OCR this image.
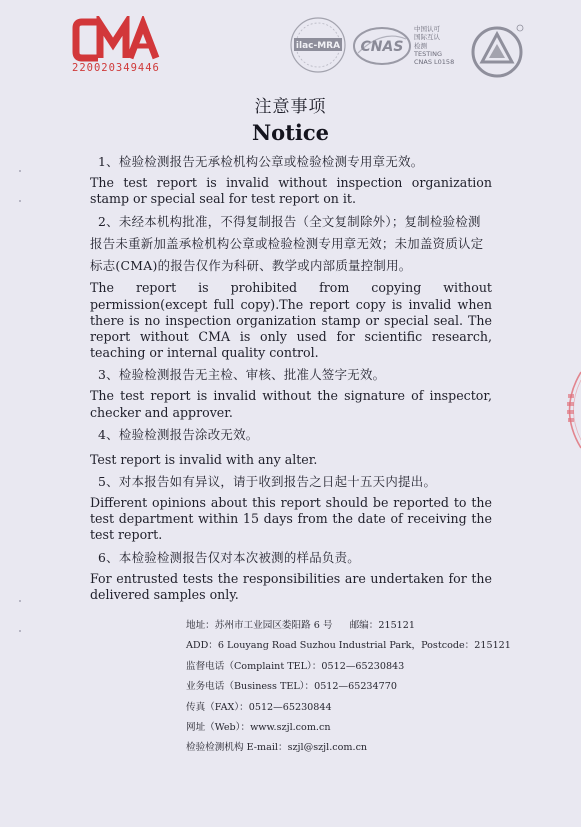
220020349446
ilac-MRA CNAS
中国认可
国际互认
检测
TESTING
CNAS L0158
SZJL
注意事项
Notice

1、检验检测报告无承检机构公章或检验检测专用章无效。

The test report is invalid without inspection organization stamp or special seal for test report on it.

2、未经本机构批准，不得复制报告（全文复制除外）；复制检验检测报告未重新加盖承检机构公章或检验检测专用章无效；未加盖资质认定标志(CMA)的报告仅作为科研、教学或内部质量控制用。

The report is prohibited from copying without permission(except full copy).The report copy is invalid when there is no inspection organization stamp or special seal. The report without CMA is only used for scientific research, teaching or internal quality control.

3、检验检测报告无主检、审核、批准人签字无效。

The test report is invalid without the signature of inspector, checker and approver.

4、检验检测报告涂改无效。

Test report is invalid with any alter.

5、对本报告如有异议，请于收到报告之日起十五天内提出。

Different opinions about this report should be reported to the test department within 15 days from the date of receiving the test report.

6、本检验检测报告仅对本次被测的样品负责。

For entrusted tests the responsibilities are undertaken for the delivered samples only.

地址：苏州市工业园区娄阳路 6 号 邮编：215121
ADD：6 Louyang Road Suzhou Industrial Park，Postcode：215121
监督电话（Complaint TEL）：0512—65230843
业务电话（Business TEL）：0512—65234770
传真（FAX）：0512—65230844
网址（Web）：www.szjl.com.cn
检验检测机构 E-mail：szjl@szjl.com.cn
